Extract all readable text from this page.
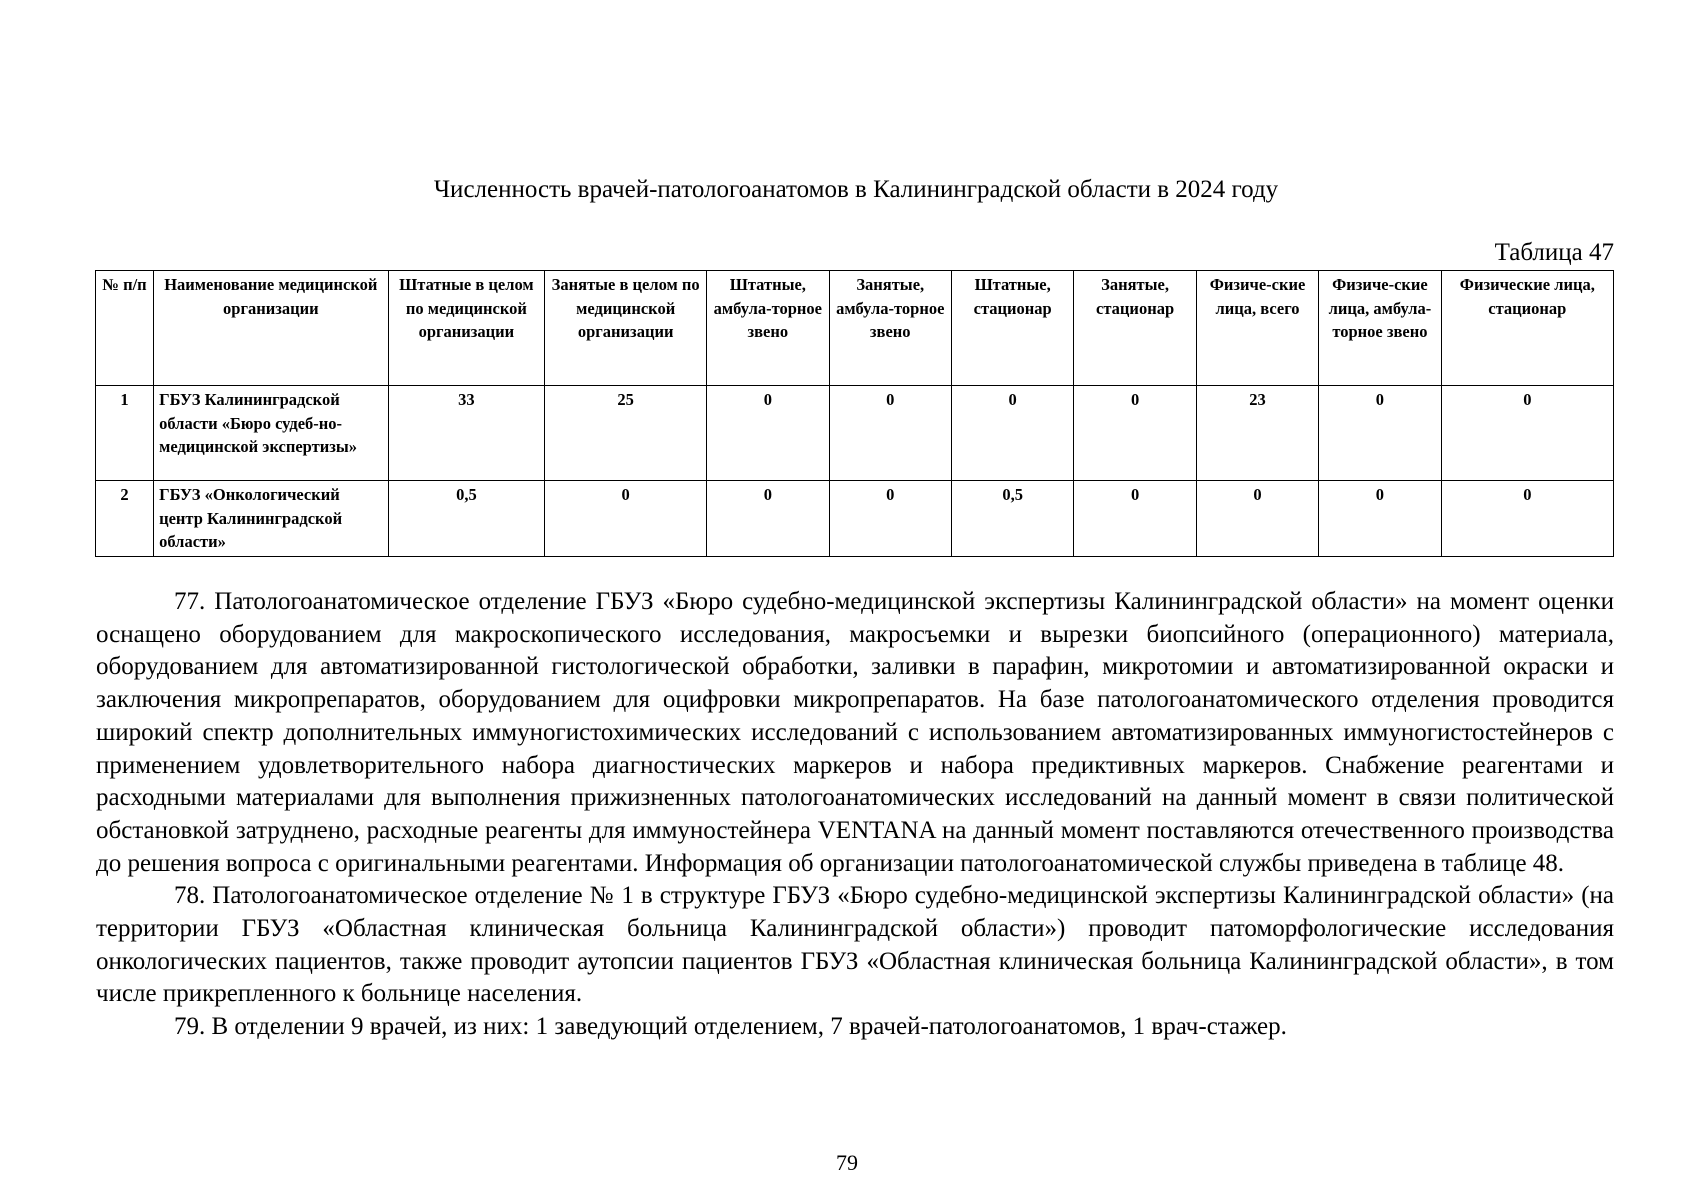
Численность врачей-патологоанатомов в Калининградской области в 2024 году
Таблица 47
№ п/п	Наименование медицинской организации	Штатные в целом по медицинской организации	Занятые в целом по медицинской организации	Штатные, амбула-торное звено	Занятые, амбула-торное звено	Штатные, стационар	Занятые, стационар	Физиче-ские лица, всего	Физиче-ские лица, амбула-торное звено	Физические лица, стационар
1	ГБУЗ Калининградской области «Бюро судеб-но-медицинской экспертизы»	33	25	0	0	0	0	23	0	0
2	ГБУЗ «Онкологический центр Калининградской области»	0,5	0	0	0	0,5	0	0	0	0

77. Патологоанатомическое отделение ГБУЗ «Бюро судебно-медицинской экспертизы Калининградской области» на момент оценки оснащено оборудованием для макроскопического исследования, макросъемки и вырезки биопсийного (операционного) материала, оборудованием для автоматизированной гистологической обработки, заливки в парафин, микротомии и автоматизированной окраски и заключения микропрепаратов, оборудованием для оцифровки микропрепаратов. На базе патологоанатомического отделения проводится широкий спектр дополнительных иммуногистохимических исследований с использованием автоматизированных иммуногистостейнеров с применением удовлетворительного набора диагностических маркеров и набора предиктивных маркеров. Снабжение реагентами и расходными материалами для выполнения прижизненных патологоанатомических исследований на данный момент в связи политической обстановкой затруднено, расходные реагенты для иммуностейнера VENTANA на данный момент поставляются отечественного производства до решения вопроса с оригинальными реагентами. Информация об организации патологоанатомической службы приведена в таблице 48.

78. Патологоанатомическое отделение № 1 в структуре ГБУЗ «Бюро судебно-медицинской экспертизы Калининградской области» (на территории ГБУЗ «Областная клиническая больница Калининградской области») проводит патоморфологические исследования онкологических пациентов, также проводит аутопсии пациентов ГБУЗ «Областная клиническая больница Калининградской области», в том числе прикрепленного к больнице населения.

79. В отделении 9 врачей, из них: 1 заведующий отделением, 7 врачей-патологоанатомов, 1 врач-стажер.

79
